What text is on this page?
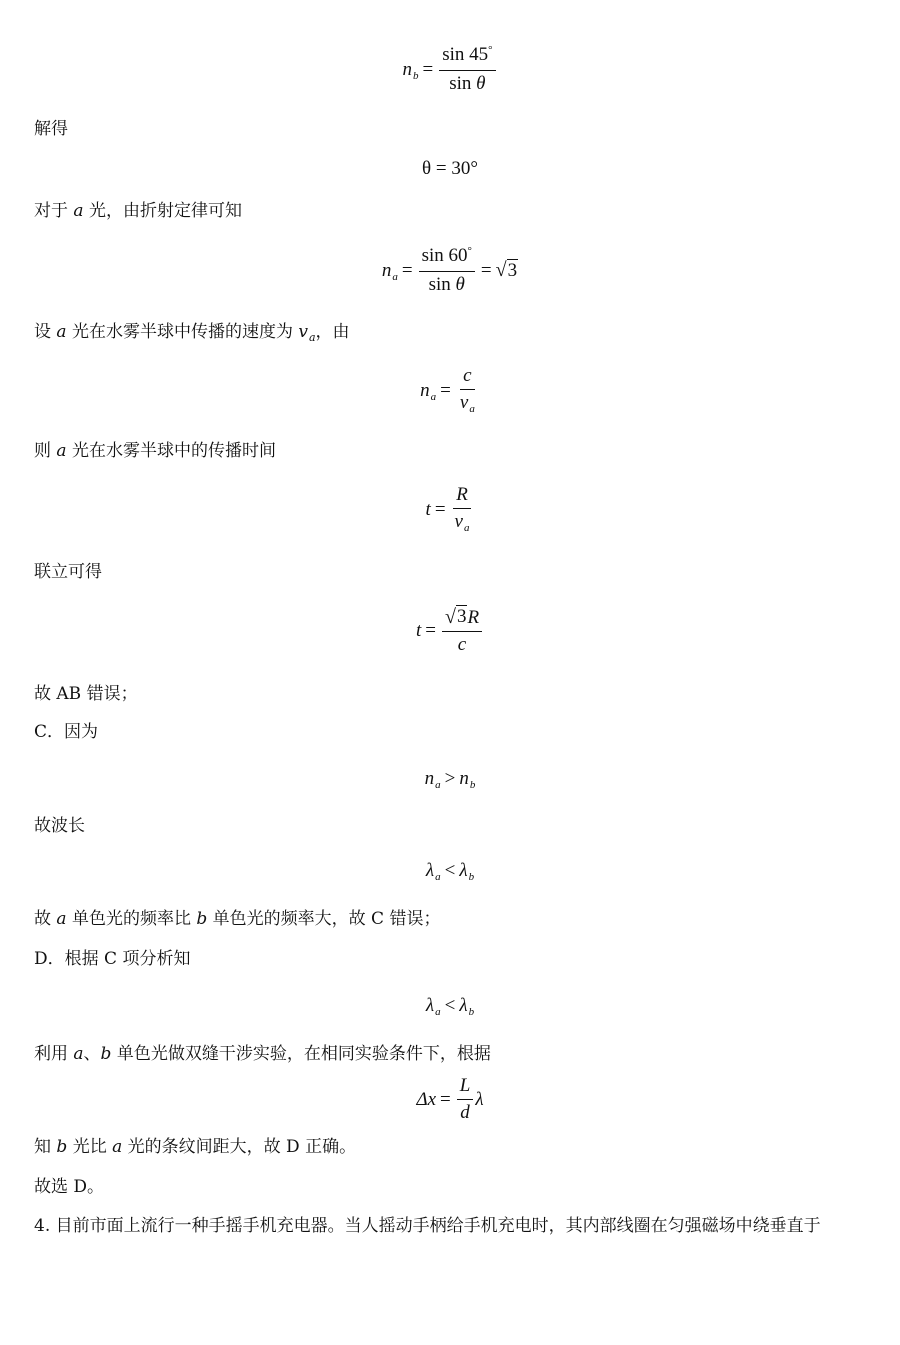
n $b = \frac{\sin 45^\circ}{\text{sin θ}}$
解得
θ = 30°
对于 a 光，由折射定律可知
n $a = \frac{\sin 60^\circ}{\text{sin θ}}$ = √ 3
设 a 光在水雾半球中传播的速度为 $v_a$，由
n $a = \frac{c}{v_a}$
则 a 光在水雾半球中的传播时间
$t = \frac{R}{v_a}$
联立可得
$t = \frac{√ 3 R}{c}$
故 AB 错误；
C．因为
n a > n b
故波长
λ a < λ b
故 a 单色光的频率比 b 单色光的频率大，故 C 错误；
D．根据 C 项分析知
λ a < λ b
利用 a、b 单色光做双缝干涉实验，在相同实验条件下，根据
$\Delta x = \frac{L}{d}$ λ
知 b 光比 a 光的条纹间距大，故 D 正确。
故选 D。
4. 目前市面上流行一种手摇手机充电器。当人摇动手柄给手机充电时，其内部线圈在匀强磁场中绕垂直于
